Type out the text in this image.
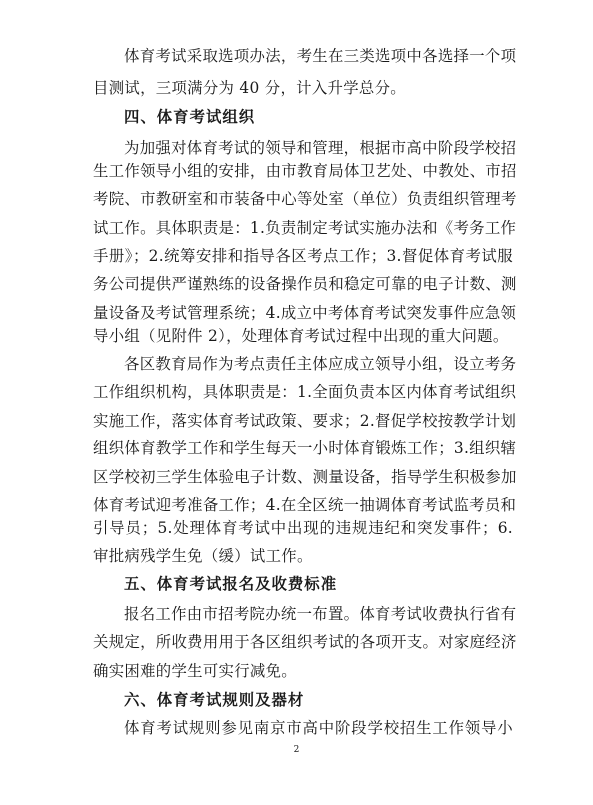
体育考试采取选项办法，考生在三类选项中各选择一个项
目测试，三项满分为 40 分，计入升学总分。
四、体育考试组织
为加强对体育考试的领导和管理，根据市高中阶段学校招
生工作领导小组的安排，由市教育局体卫艺处、中教处、市招
考院、市教研室和市装备中心等处室（单位）负责组织管理考
试工作。具体职责是：1.负责制定考试实施办法和《考务工作
手册》；2.统筹安排和指导各区考点工作；3.督促体育考试服
务公司提供严谨熟练的设备操作员和稳定可靠的电子计数、测
量设备及考试管理系统；4.成立中考体育考试突发事件应急领
导小组（见附件 2），处理体育考试过程中出现的重大问题。
各区教育局作为考点责任主体应成立领导小组，设立考务
工作组织机构，具体职责是：1.全面负责本区内体育考试组织
实施工作，落实体育考试政策、要求；2.督促学校按教学计划
组织体育教学工作和学生每天一小时体育锻炼工作；3.组织辖
区学校初三学生体验电子计数、测量设备，指导学生积极参加
体育考试迎考准备工作；4.在全区统一抽调体育考试监考员和
引导员；5.处理体育考试中出现的违规违纪和突发事件；6.
审批病残学生免（缓）试工作。
五、体育考试报名及收费标准
报名工作由市招考院办统一布置。体育考试收费执行省有
关规定，所收费用用于各区组织考试的各项开支。对家庭经济
确实困难的学生可实行减免。
六、体育考试规则及器材
体育考试规则参见南京市高中阶段学校招生工作领导小
2
